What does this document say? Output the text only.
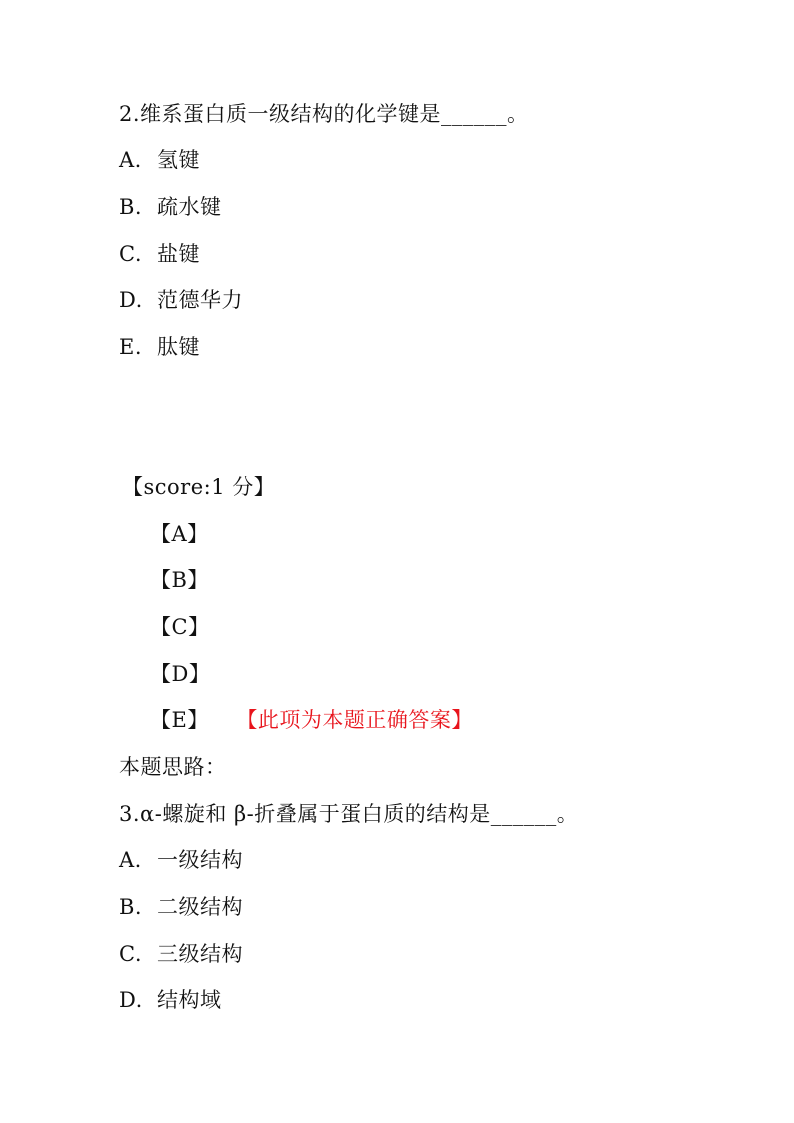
2.维系蛋白质一级结构的化学键是______。
A. 氢键
B. 疏水键
C. 盐键
D. 范德华力
E. 肽键
【score:1 分】
【A】
【B】
【C】
【D】
【E】 【此项为本题正确答案】
本题思路：
3.α-螺旋和 β-折叠属于蛋白质的结构是______。
A. 一级结构
B. 二级结构
C. 三级结构
D. 结构域
